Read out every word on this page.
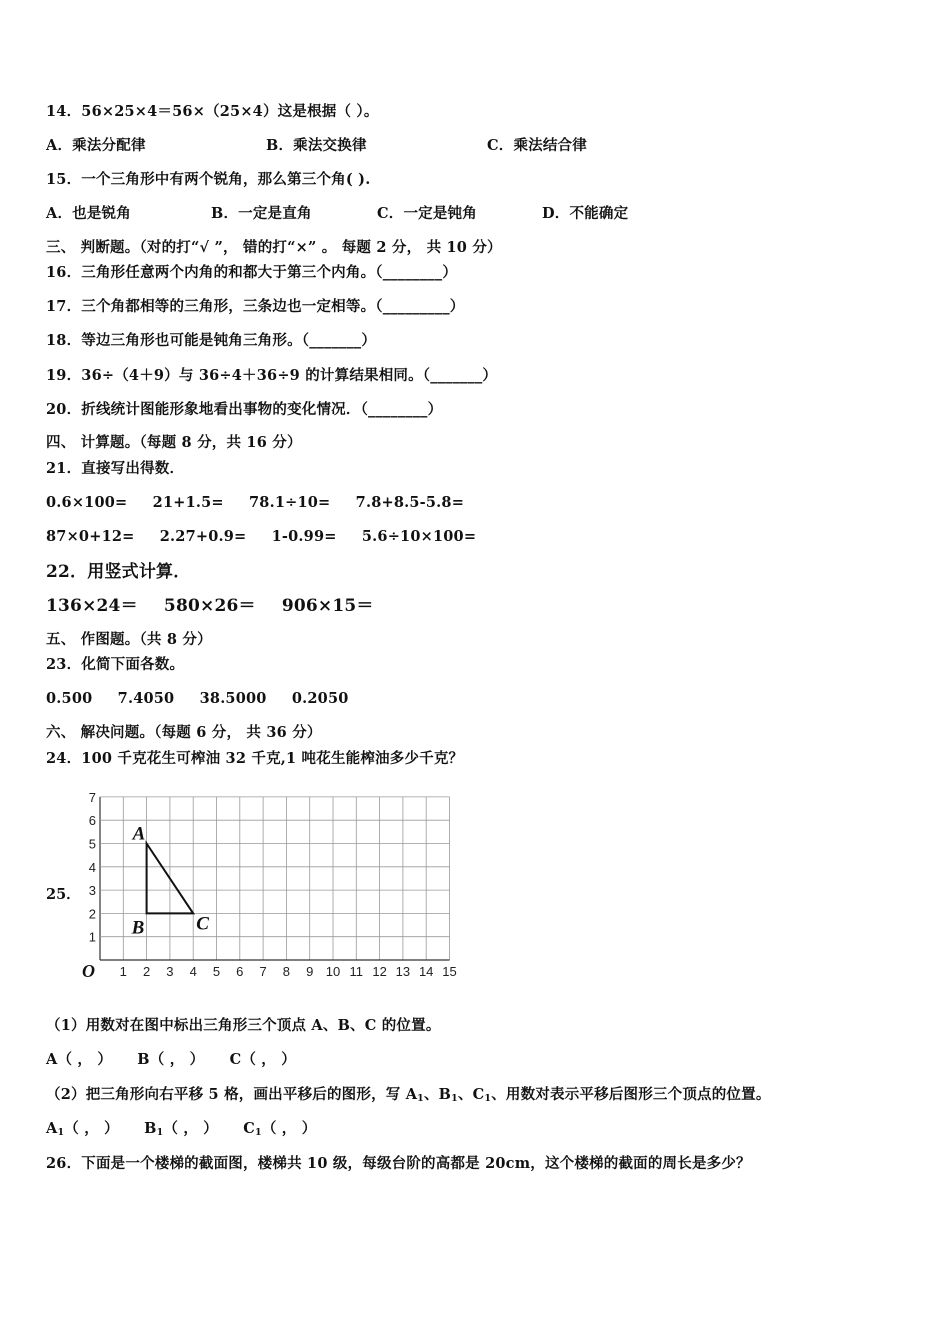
14．56×25×4＝56×（25×4）这是根据（ ）。
A．乘法分配律	B．乘法交换律	C．乘法结合律
15．一个三角形中有两个锐角，那么第三个角( ).
A．也是锐角	B．一定是直角	C．一定是钝角	D．不能确定
三、 判断题。（对的打“√ ”， 错的打“×” 。 每题 2 分， 共 10 分）
16．三角形任意两个内角的和都大于第三个内角。（________）
17．三个角都相等的三角形，三条边也一定相等。（_________）
18．等边三角形也可能是钝角三角形。（_______）
19．36÷（4＋9）与 36÷4＋36÷9 的计算结果相同。（_______）
20．折线统计图能形象地看出事物的变化情况．（________）
四、 计算题。（每题 8 分，共 16 分）
21．直接写出得数．
0.6×100= 21+1.5= 78.1÷10= 7.8+8.5-5.8=
87×0+12= 2.27+0.9= 1-0.99= 5.6÷10×100=
22．用竖式计算．
136×24＝ 580×26＝ 906×15＝
五、 作图题。（共 8 分）
23．化简下面各数。
0.500 7.4050 38.5000 0.2050
六、 解决问题。（每题 6 分， 共 36 分）
24．100 千克花生可榨油 32 千克,1 吨花生能榨油多少千克？
25．
1 2 3 4 5 6 7 8 9 10 11 12 13 14 15
1
2
3
4
5
6
7
O
A
B	C
（1）用数对在图中标出三角形三个顶点 A、B、C 的位置。
A（ ， ） B（ ， ） C（ ， ）
（2）把三角形向右平移 5 格，画出平移后的图形，写 $A_1$、$B_1$、$C_1$、用数对表示平移后图形三个顶点的位置。
$A_1$（ ， ） $B_1$（ ， ） $C_1$（ ， ）
26．下面是一个楼梯的截面图，楼梯共 10 级，每级台阶的高都是 20cm，这个楼梯的截面的周长是多少？
